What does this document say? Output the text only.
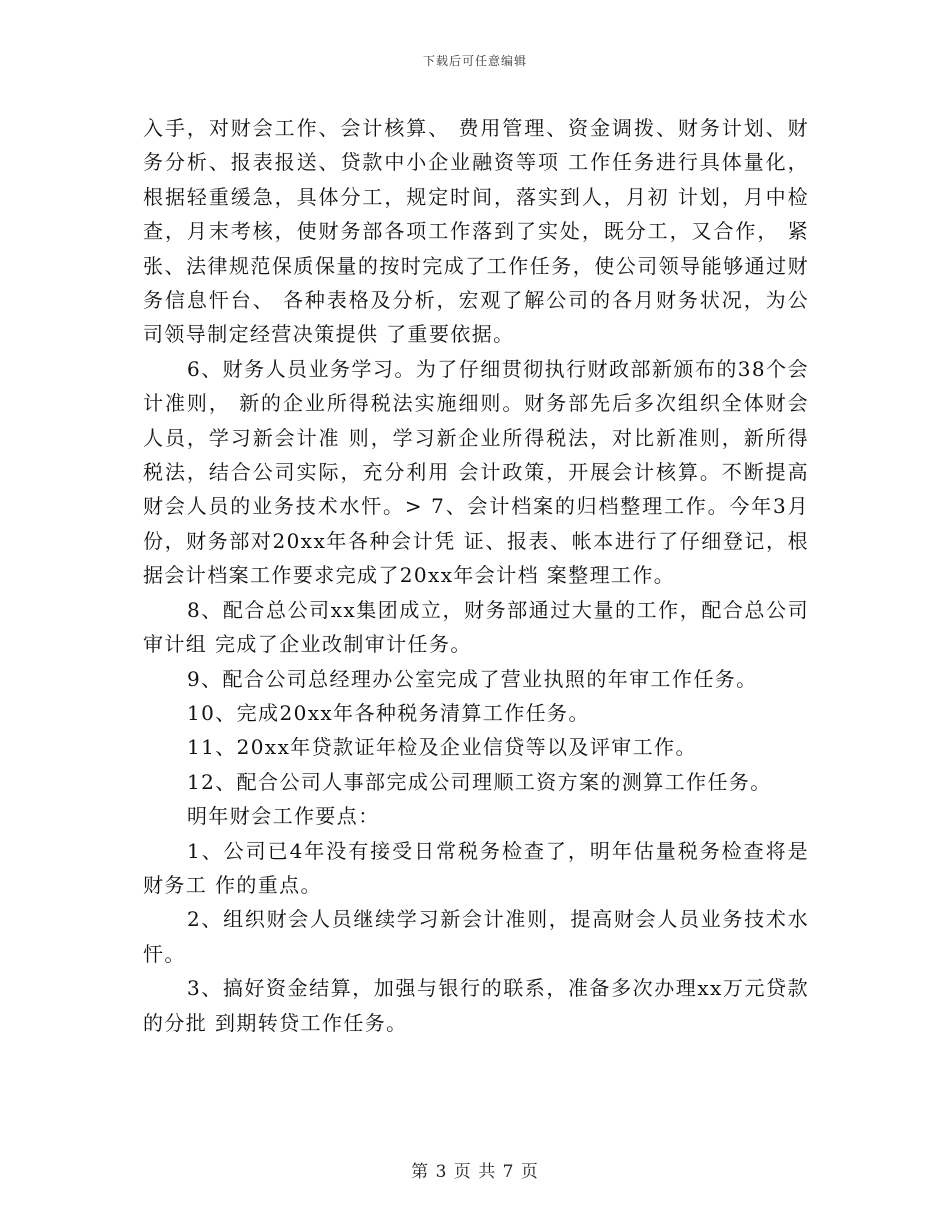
下载后可任意编辑

入手，对财会工作、会计核算、 费用管理、资金调拨、财务计划、财务分析、报表报送、贷款中小企业融资等项 工作任务进行具体量化，根据轻重缓急，具体分工，规定时间，落实到人，月初 计划，月中检查，月末考核，使财务部各项工作落到了实处，既分工，又合作， 紧张、法律规范保质保量的按时完成了工作任务，使公司领导能够通过财务信息忓台、 各种表格及分析，宏观了解公司的各月财务状况，为公司领导制定经营决策提供 了重要依据。

6、财务人员业务学习。为了仔细贯彻执行财政部新颁布的38个会计准则， 新的企业所得税法实施细则。财务部先后多次组织全体财会人员，学习新会计准 则，学习新企业所得税法，对比新准则，新所得税法，结合公司实际，充分利用 会计政策，开展会计核算。不断提高财会人员的业务技术水忓。> 7、会计档案的归档整理工作。今年3月份，财务部对20xx年各种会计凭 证、报表、帐本进行了仔细登记，根据会计档案工作要求完成了20xx年会计档 案整理工作。

8、配合总公司xx集团成立，财务部通过大量的工作，配合总公司审计组 完成了企业改制审计任务。

9、配合公司总经理办公室完成了营业执照的年审工作任务。

10、完成20xx年各种税务清算工作任务。

11、20xx年贷款证年检及企业信贷等以及评审工作。

12、配合公司人事部完成公司理顺工资方案的测算工作任务。

明年财会工作要点：

1、公司已4年没有接受日常税务检查了，明年估量税务检查将是财务工 作的重点。

2、组织财会人员继续学习新会计准则，提高财会人员业务技术水忓。

3、搞好资金结算，加强与银行的联系，准备多次办理xx万元贷款的分批 到期转贷工作任务。

第 3 页 共 7 页
